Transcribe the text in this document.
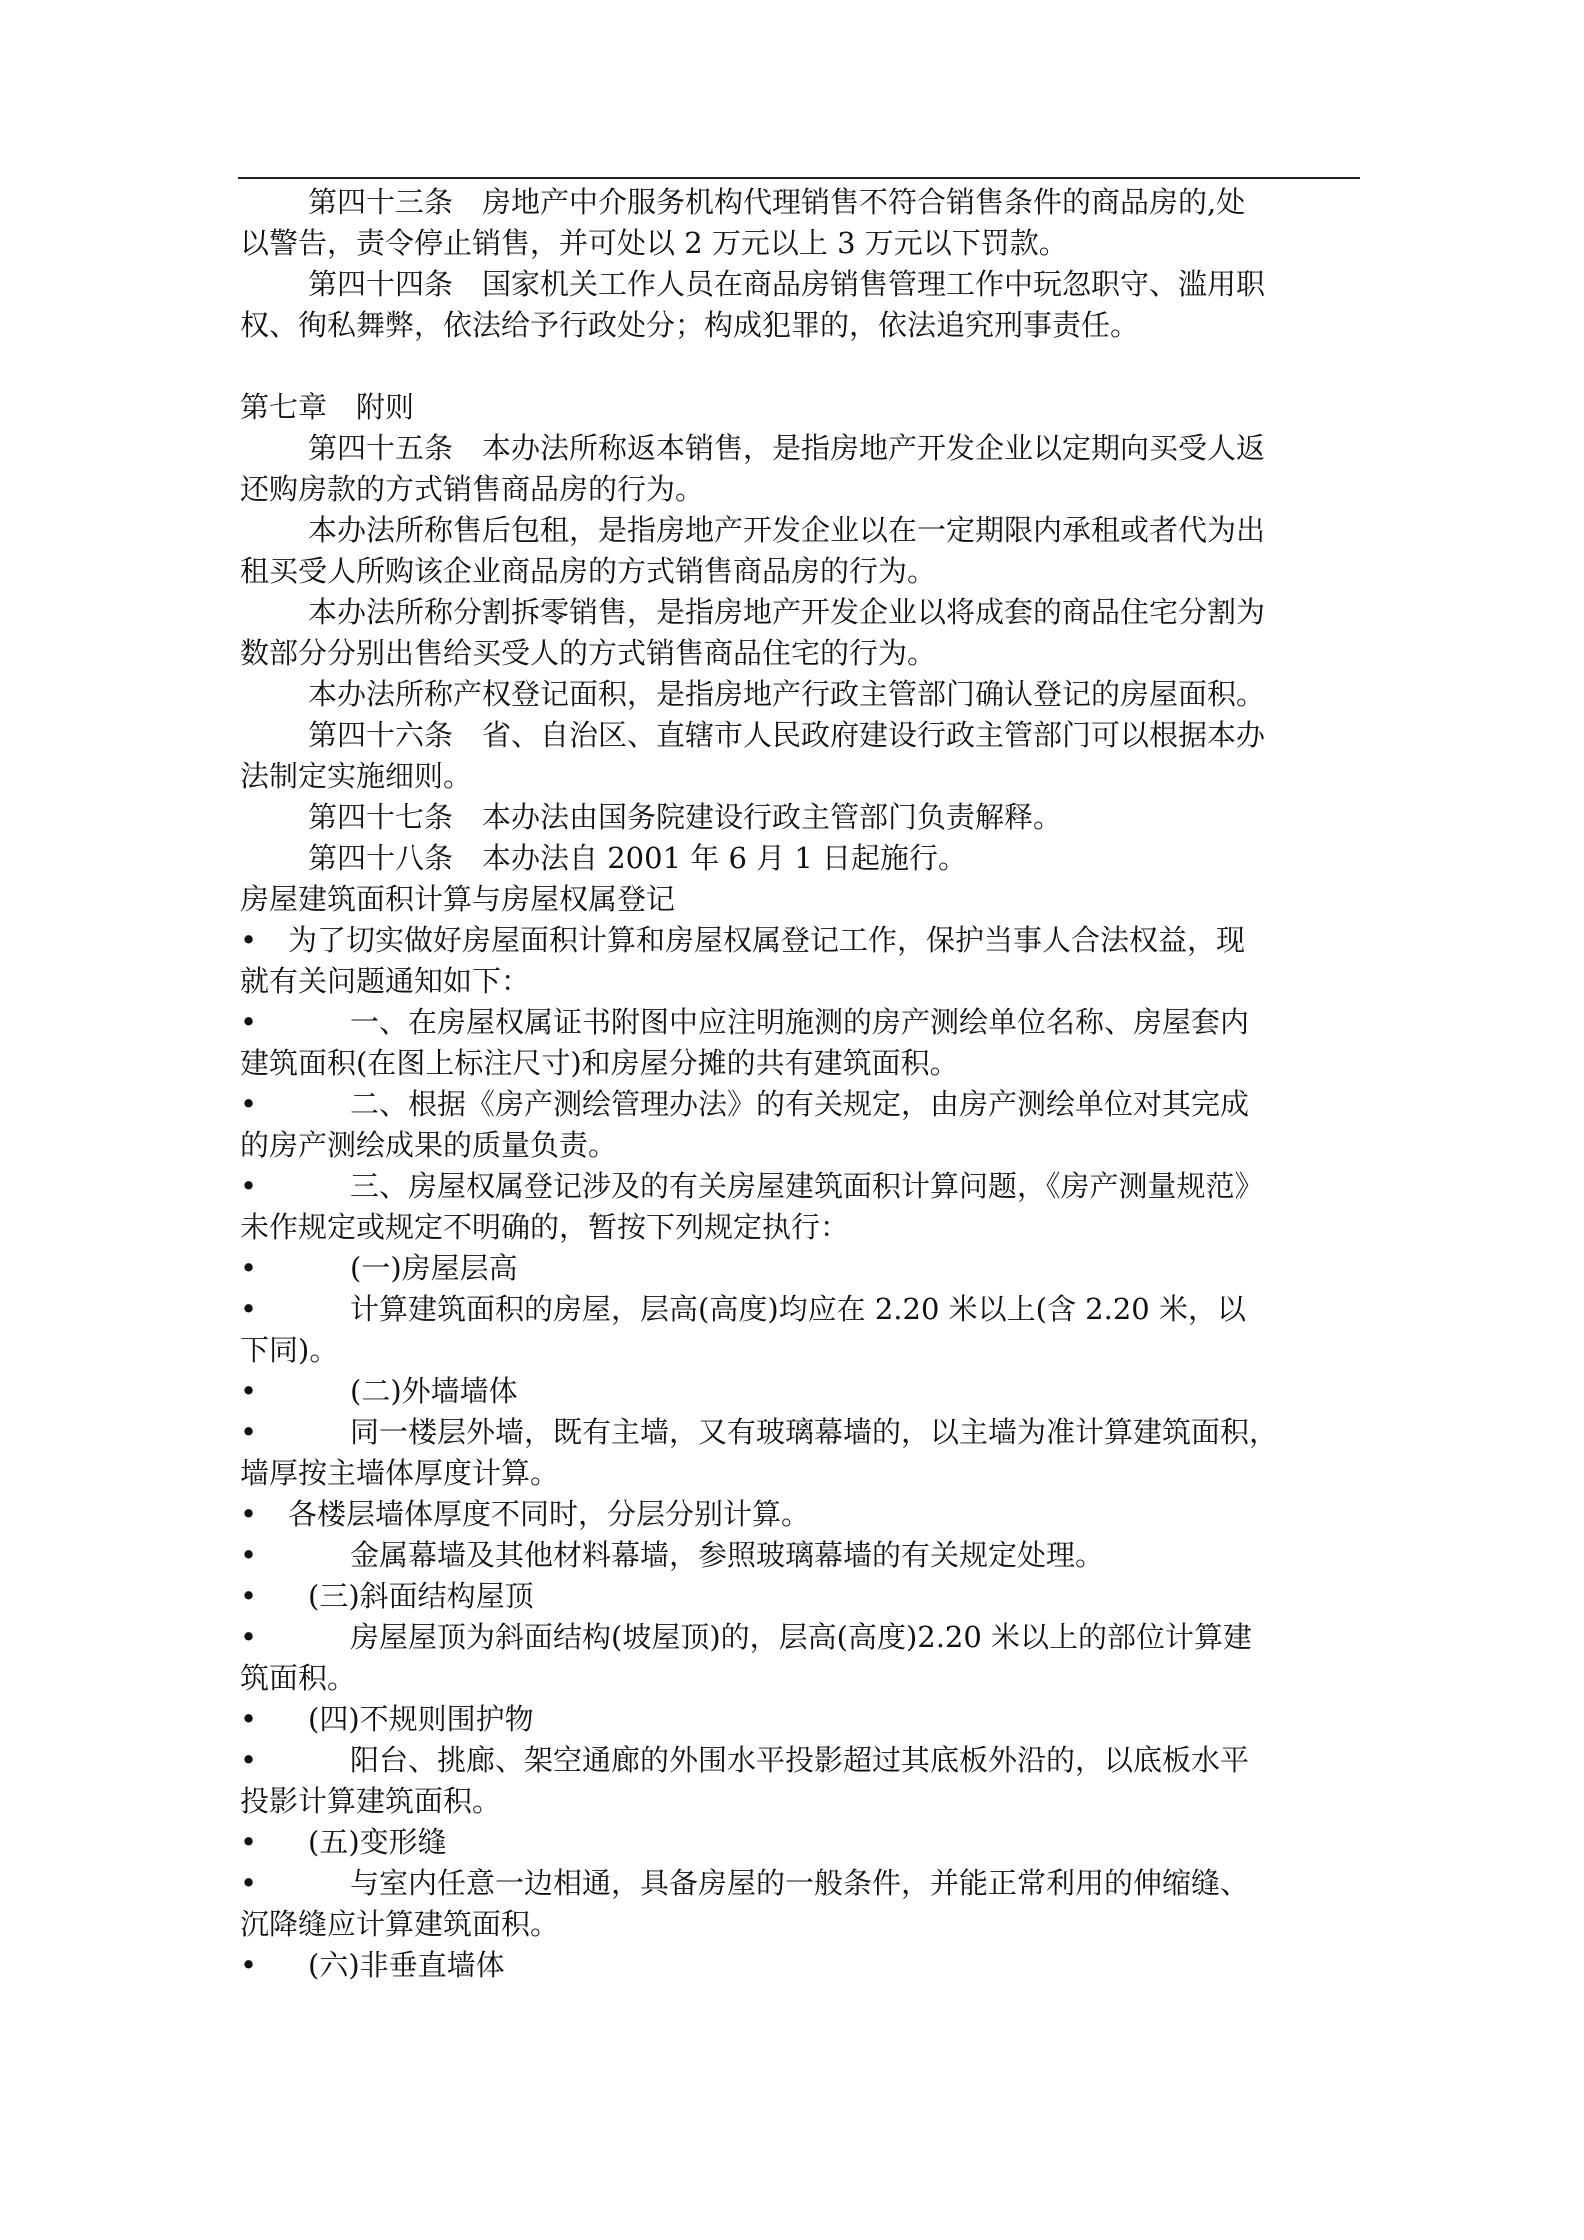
第四十三条　房地产中介服务机构代理销售不符合销售条件的商品房的,处
以警告，责令停止销售，并可处以 2 万元以上 3 万元以下罚款。
第四十四条　国家机关工作人员在商品房销售管理工作中玩忽职守、滥用职
权、徇私舞弊，依法给予行政处分；构成犯罪的，依法追究刑事责任。
第七章　附则
第四十五条　本办法所称返本销售，是指房地产开发企业以定期向买受人返
还购房款的方式销售商品房的行为。
本办法所称售后包租，是指房地产开发企业以在一定期限内承租或者代为出
租买受人所购该企业商品房的方式销售商品房的行为。
本办法所称分割拆零销售，是指房地产开发企业以将成套的商品住宅分割为
数部分分别出售给买受人的方式销售商品住宅的行为。
本办法所称产权登记面积，是指房地产行政主管部门确认登记的房屋面积。
第四十六条　省、自治区、直辖市人民政府建设行政主管部门可以根据本办
法制定实施细则。
第四十七条　本办法由国务院建设行政主管部门负责解释。
第四十八条　本办法自 2001 年 6 月 1 日起施行。
房屋建筑面积计算与房屋权属登记
• 为了切实做好房屋面积计算和房屋权属登记工作，保护当事人合法权益，现
就有关问题通知如下：
•	一、在房屋权属证书附图中应注明施测的房产测绘单位名称、房屋套内
建筑面积(在图上标注尺寸)和房屋分摊的共有建筑面积。
•	二、根据《房产测绘管理办法》的有关规定，由房产测绘单位对其完成
的房产测绘成果的质量负责。
•	三、房屋权属登记涉及的有关房屋建筑面积计算问题，《房产测量规范》
未作规定或规定不明确的，暂按下列规定执行：
•	(一)房屋层高
•	计算建筑面积的房屋，层高(高度)均应在 2.20 米以上(含 2.20 米，以
下同)。
•	(二)外墙墙体
•	同一楼层外墙，既有主墙，又有玻璃幕墙的，以主墙为准计算建筑面积，
墙厚按主墙体厚度计算。
• 各楼层墙体厚度不同时，分层分别计算。
•	金属幕墙及其他材料幕墙，参照玻璃幕墙的有关规定处理。
• (三)斜面结构屋顶
•	房屋屋顶为斜面结构(坡屋顶)的，层高(高度)2.20 米以上的部位计算建
筑面积。
• (四)不规则围护物
•	阳台、挑廊、架空通廊的外围水平投影超过其底板外沿的，以底板水平
投影计算建筑面积。
• (五)变形缝
•	与室内任意一边相通，具备房屋的一般条件，并能正常利用的伸缩缝、
沉降缝应计算建筑面积。
• (六)非垂直墙体
